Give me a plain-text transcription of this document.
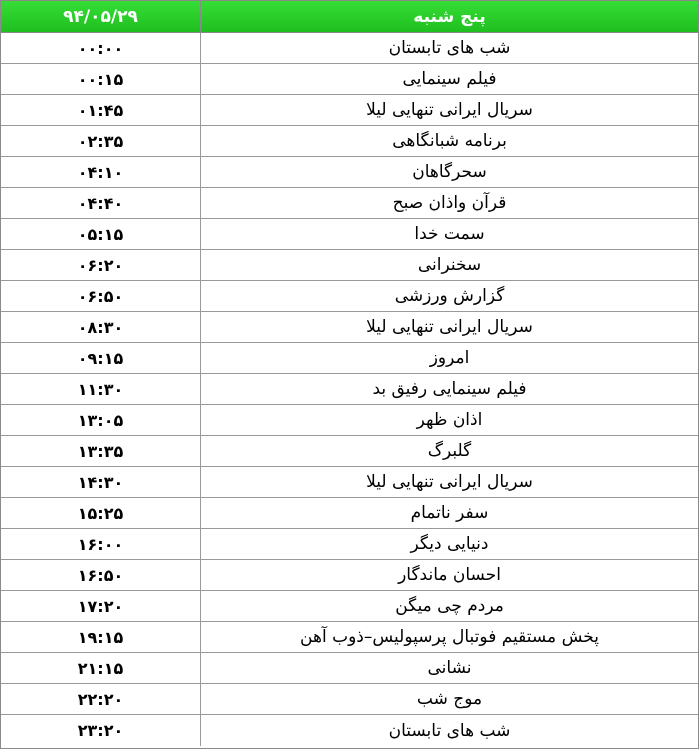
۹۴/۰۵/۲۹	پنج شنبه
۰۰:۰۰	شب های تابستان
۰۰:۱۵	فیلم سینمایی
۰۱:۴۵	سریال ایرانی تنهایی لیلا
۰۲:۳۵	برنامه شبانگاهی
۰۴:۱۰	سحرگاهان
۰۴:۴۰	قرآن واذان صبح
۰۵:۱۵	سمت خدا
۰۶:۲۰	سخنرانی
۰۶:۵۰	گزارش ورزشی
۰۸:۳۰	سریال ایرانی تنهایی لیلا
۰۹:۱۵	امروز
۱۱:۳۰	فیلم سینمایی رفیق بد
۱۳:۰۵	اذان ظهر
۱۳:۳۵	گلبرگ
۱۴:۳۰	سریال ایرانی تنهایی لیلا
۱۵:۲۵	سفر ناتمام
۱۶:۰۰	دنیایی دیگر
۱۶:۵۰	احسان ماندگار
۱۷:۲۰	مردم چی میگن
۱۹:۱۵	پخش مستقیم فوتبال پرسپولیس–ذوب آهن
۲۱:۱۵	نشانی
۲۲:۲۰	موج شب
۲۳:۲۰	شب های تابستان
